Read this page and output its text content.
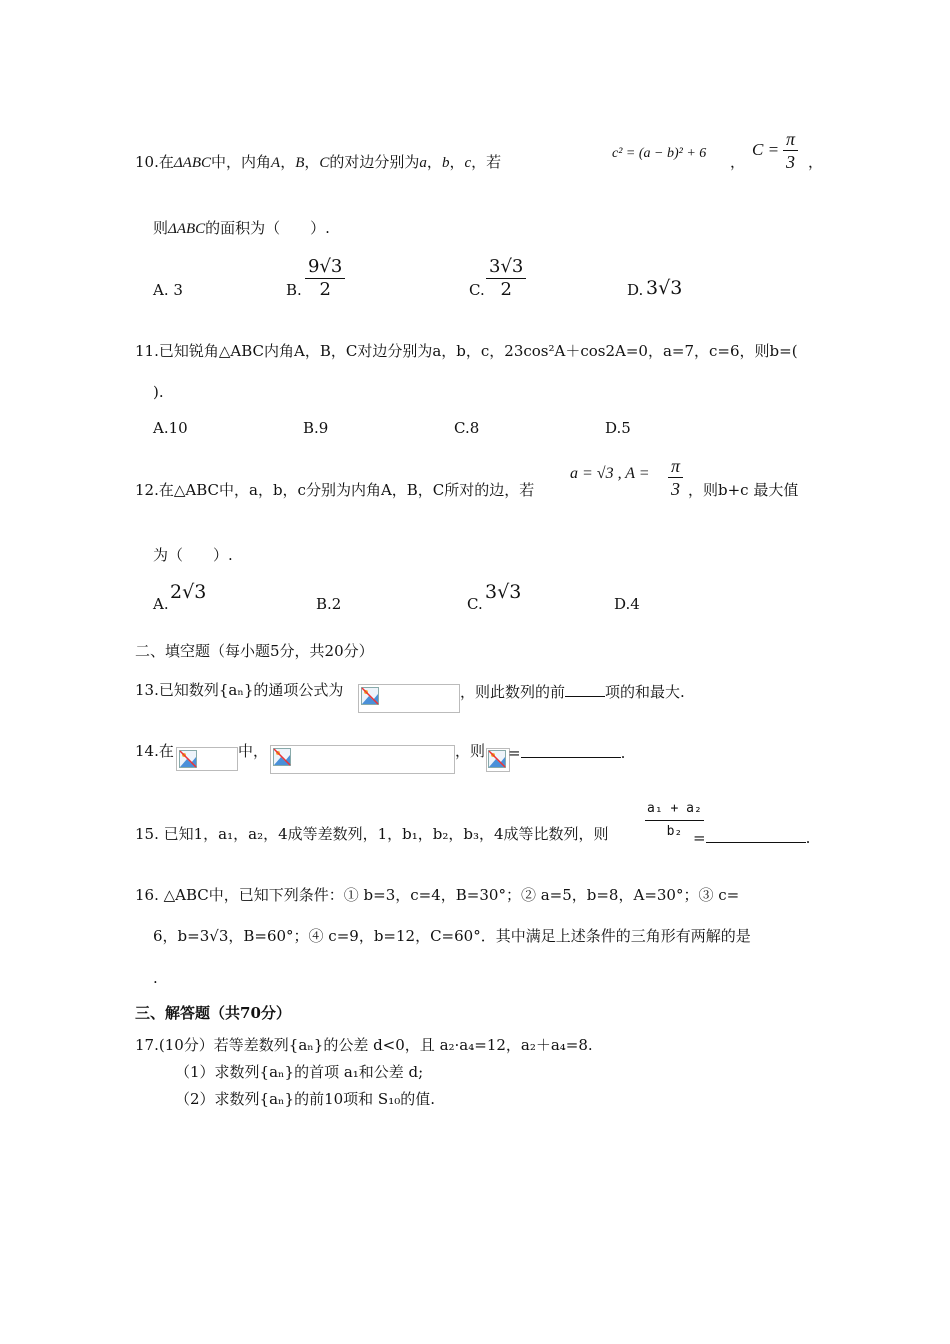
10.在ΔABC中，内角A，B，C的对边分别为a，b，c，若	c² = (a − b)² + 6 ，
$C = \frac{\pi}{3}$ ，
则ΔABC的面积为（　　）.
A. 3	B. $\frac{9√3}{2}$	C. $\frac{3√3}{2}$	D. 3√3
11.已知锐角△ABC内角A，B，C对边分别为a，b，c，23cos²A＋cos2A=0，a=7，c=6，则b=(
).
A.10	B.9	C.8	D.5
12.在△ABC中，a，b，c分别为内角A，B，C所对的边，若
a = √3 , $A = \frac{\pi}{3}$ ，则b+c 最大值
为（　　）.
A.
2√3
B.2	C.
3√3
D.4
二、填空题（每小题5分，共20分）
13.已知数列{aₙ}的通项公式为	，则此数列的前	项的和最大.
14.在	中，	，则 =	.
15. 已知1，a₁，a₂，4成等差数列，1，b₁，b₂，b₃，4成等比数列，则	$\frac{\text{a₁ + a₂}}{\text{b₂}}$
=	.
16. △ABC中，已知下列条件：① b=3，c=4，B=30°；② a=5，b=8，A=30°；③ c=
6，b=3√3，B=60°；④ c=9，b=12，C=60°．其中满足上述条件的三角形有两解的是
.
三、解答题（共70分）
17.(10分）若等差数列{aₙ}的公差 d<0，且 a₂·a₄=12，a₂＋a₄=8.
（1）求数列{aₙ}的首项 a₁和公差 d;
（2）求数列{aₙ}的前10项和 S₁₀的值.
